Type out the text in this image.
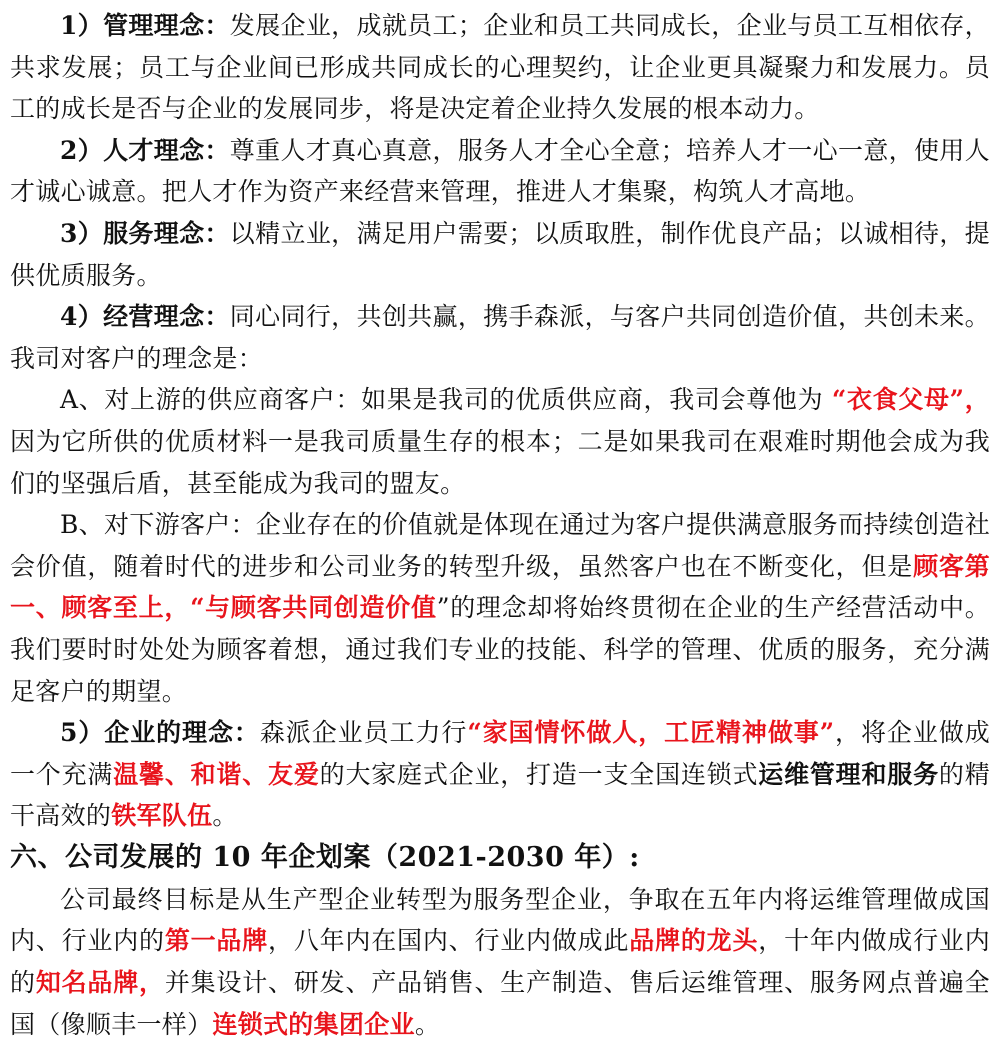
1）管理理念：发展企业，成就员工；企业和员工共同成长，企业与员工互相依存，共求发展；员工与企业间已形成共同成长的心理契约，让企业更具凝聚力和发展力。员工的成长是否与企业的发展同步，将是决定着企业持久发展的根本动力。

2）人才理念：尊重人才真心真意，服务人才全心全意；培养人才一心一意，使用人才诚心诚意。把人才作为资产来经营来管理，推进人才集聚，构筑人才高地。

3）服务理念：以精立业，满足用户需要；以质取胜，制作优良产品；以诚相待，提供优质服务。

4）经营理念：同心同行，共创共赢，携手森派，与客户共同创造价值，共创未来。我司对客户的理念是：

A、对上游的供应商客户：如果是我司的优质供应商，我司会尊他为 “衣食父母”，因为它所供的优质材料一是我司质量生存的根本；二是如果我司在艰难时期他会成为我们的坚强后盾，甚至能成为我司的盟友。

B、对下游客户：企业存在的价值就是体现在通过为客户提供满意服务而持续创造社会价值，随着时代的进步和公司业务的转型升级，虽然客户也在不断变化，但是顾客第一、顾客至上，“与顾客共同创造价值”的理念却将始终贯彻在企业的生产经营活动中。我们要时时处处为顾客着想，通过我们专业的技能、科学的管理、优质的服务，充分满足客户的期望。

5）企业的理念：森派企业员工力行“家国情怀做人，工匠精神做事”，将企业做成一个充满温馨、和谐、友爱的大家庭式企业，打造一支全国连锁式运维管理和服务的精干高效的铁军队伍。

六、公司发展的 10 年企划案（2021-2030 年）:

公司最终目标是从生产型企业转型为服务型企业，争取在五年内将运维管理做成国内、行业内的第一品牌，八年内在国内、行业内做成此品牌的龙头，十年内做成行业内的知名品牌，并集设计、研发、产品销售、生产制造、售后运维管理、服务网点普遍全国（像顺丰一样）连锁式的集团企业。
